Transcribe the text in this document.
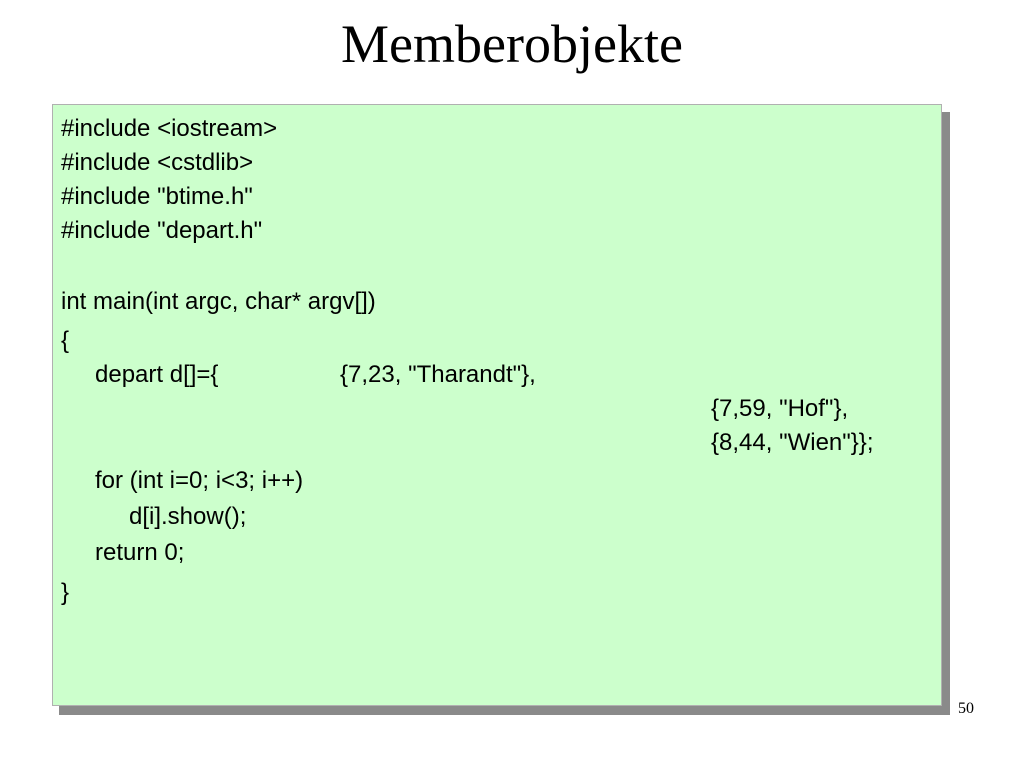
Memberobjekte
#include <iostream>
#include <cstdlib>
#include "btime.h"
#include "depart.h"
int main(int argc, char* argv[])
{
depart d[]={	{7,23, "Tharandt"},
{7,59, "Hof"},
{8,44, "Wien"}};
for (int i=0; i<3; i++)
d[i].show();
return 0;
}
50
